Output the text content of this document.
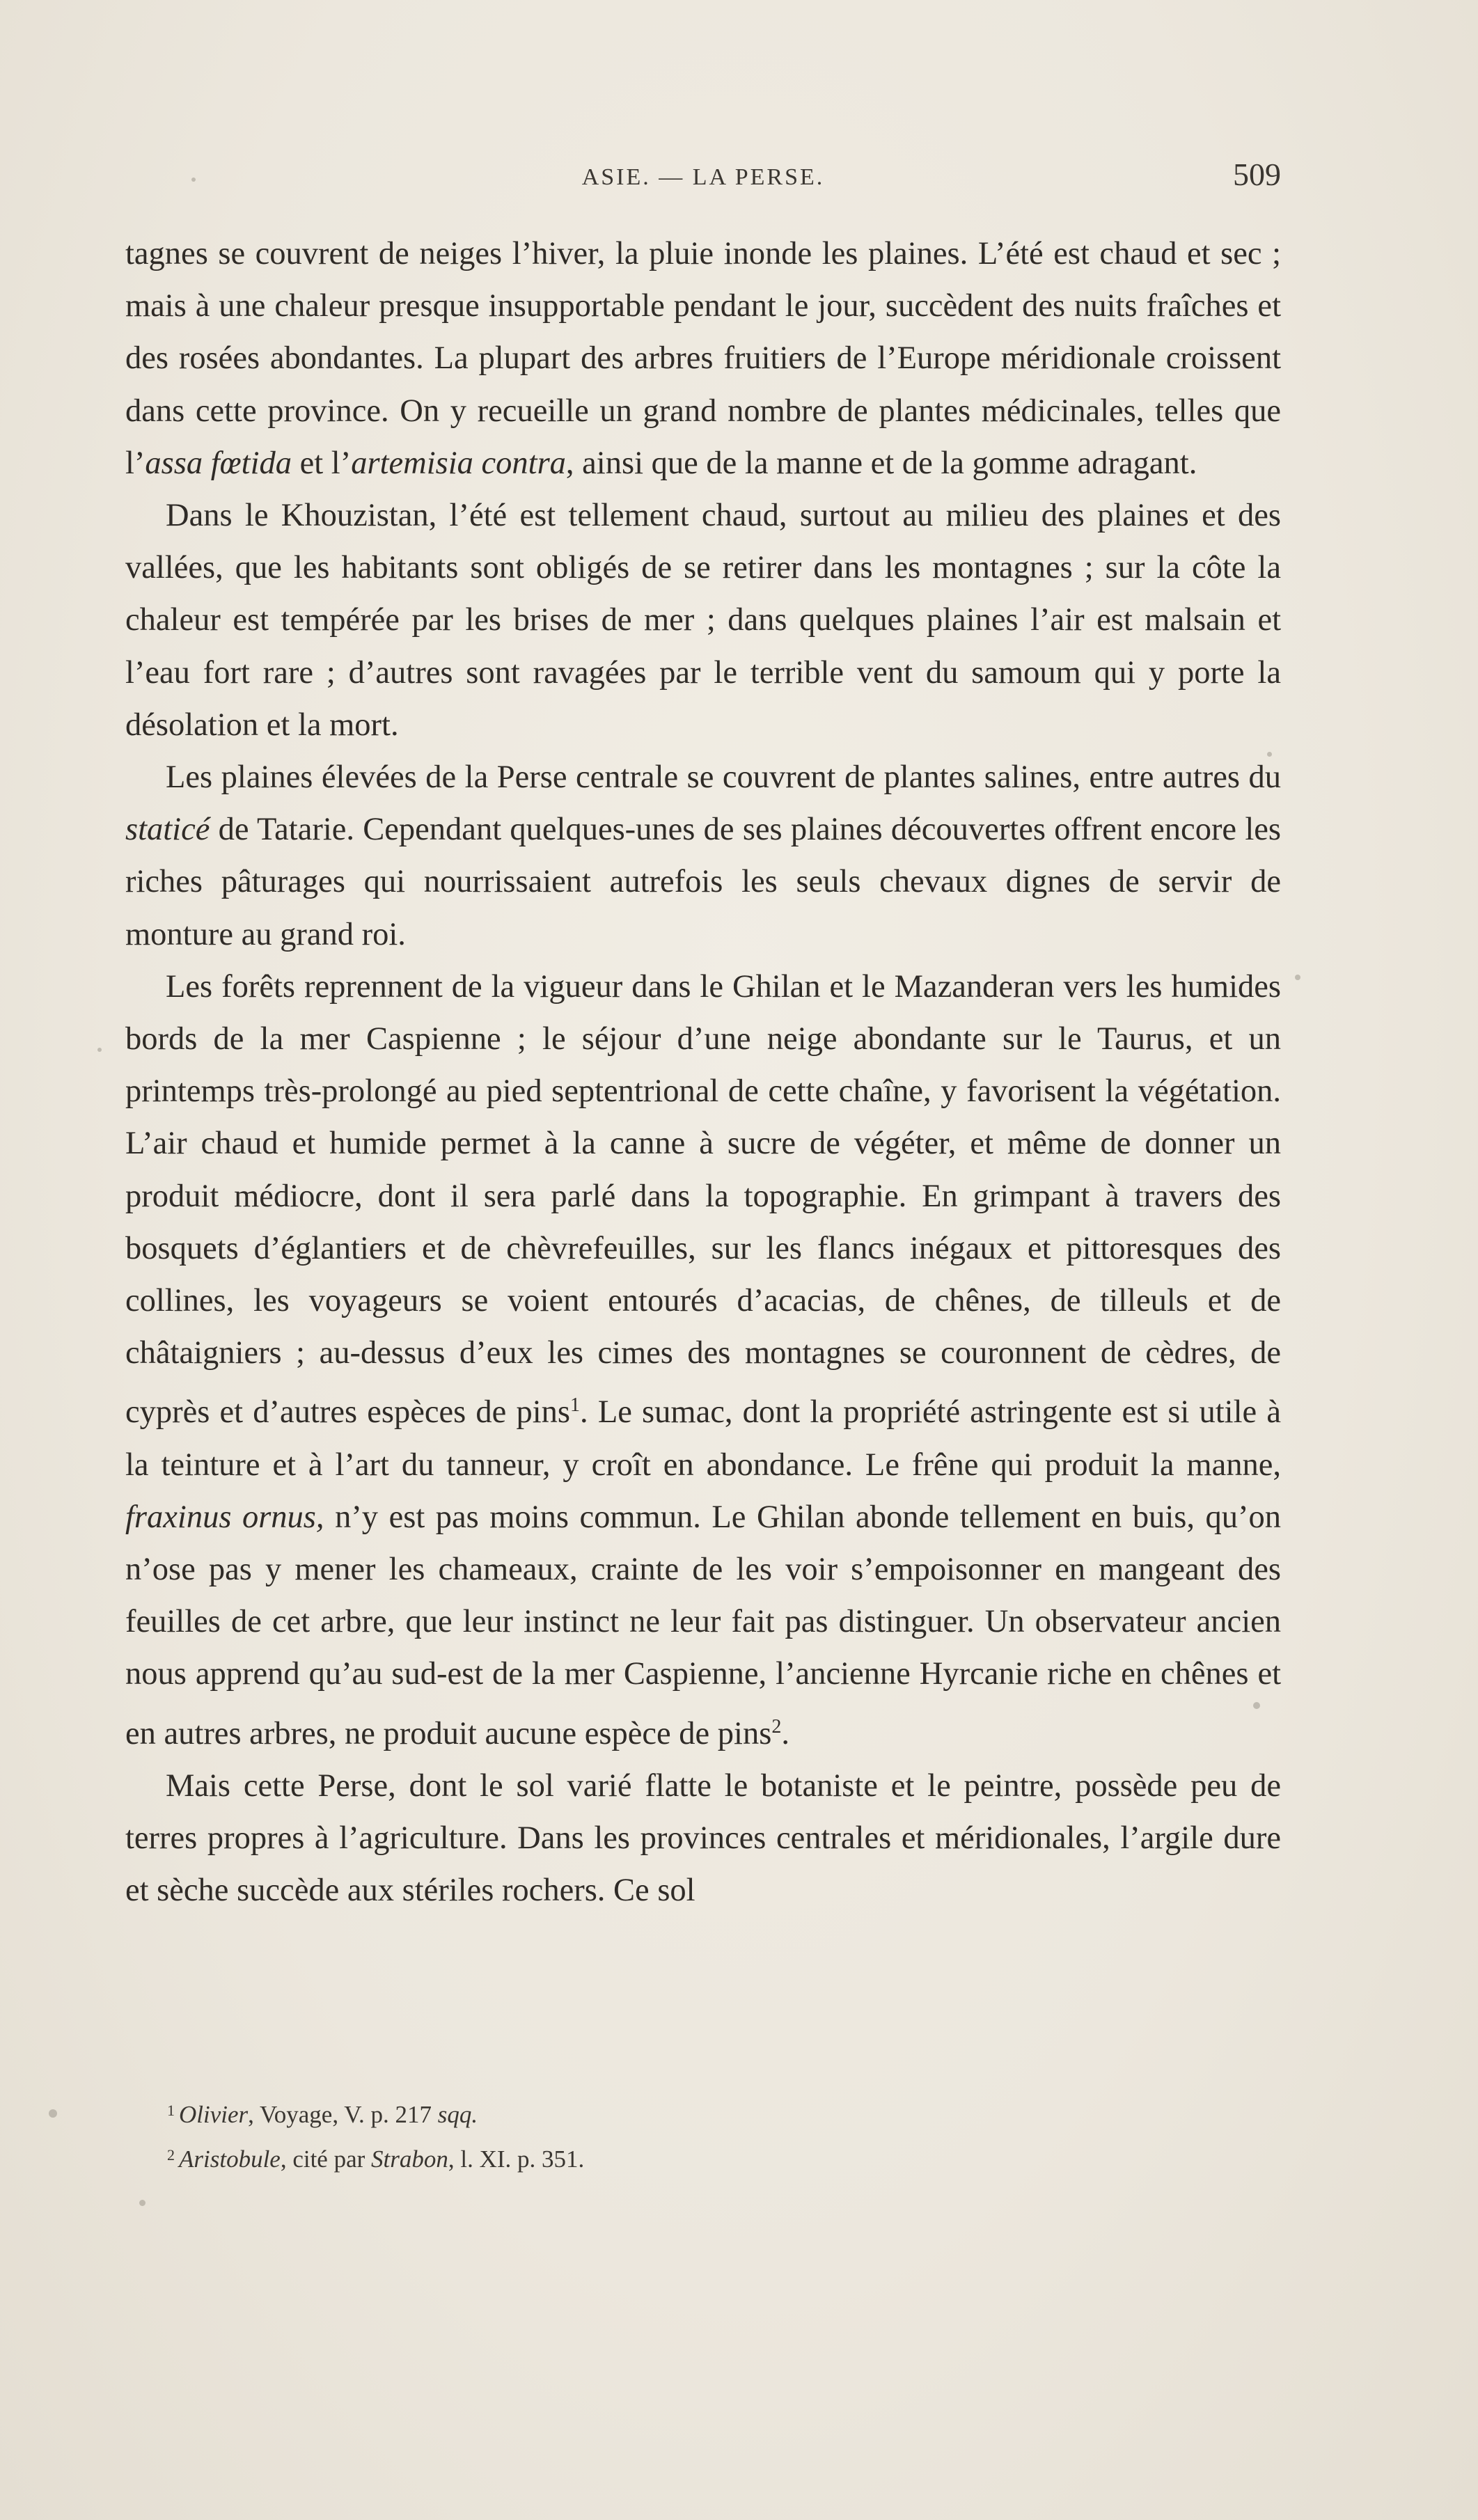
ASIE. — LA PERSE.	509

tagnes se couvrent de neiges l’hiver, la pluie inonde les plaines. L’été est chaud et sec ; mais à une chaleur presque insupportable pendant le jour, succèdent des nuits fraîches et des rosées abondantes. La plupart des arbres fruitiers de l’Europe méridionale croissent dans cette province. On y recueille un grand nombre de plantes médicinales, telles que l’assa fœtida et l’artemisia contra, ainsi que de la manne et de la gomme adragant.

Dans le Khouzistan, l’été est tellement chaud, surtout au milieu des plaines et des vallées, que les habitants sont obligés de se retirer dans les montagnes ; sur la côte la chaleur est tempérée par les brises de mer ; dans quelques plaines l’air est malsain et l’eau fort rare ; d’autres sont ravagées par le terrible vent du samoum qui y porte la désolation et la mort.

Les plaines élevées de la Perse centrale se couvrent de plantes salines, entre autres du staticé de Tatarie. Cependant quelques-unes de ses plaines découvertes offrent encore les riches pâturages qui nourrissaient autrefois les seuls chevaux dignes de servir de monture au grand roi.

Les forêts reprennent de la vigueur dans le Ghilan et le Mazanderan vers les humides bords de la mer Caspienne ; le séjour d’une neige abondante sur le Taurus, et un printemps très-prolongé au pied septentrional de cette chaîne, y favorisent la végétation. L’air chaud et humide permet à la canne à sucre de végéter, et même de donner un produit médiocre, dont il sera parlé dans la topographie. En grimpant à travers des bosquets d’églantiers et de chèvrefeuilles, sur les flancs inégaux et pittoresques des collines, les voyageurs se voient entourés d’acacias, de chênes, de tilleuls et de châtaigniers ; au-dessus d’eux les cimes des montagnes se couronnent de cèdres, de cyprès et d’autres espèces de pins$^1$. Le sumac, dont la propriété astringente est si utile à la teinture et à l’art du tanneur, y croît en abondance. Le frêne qui produit la manne, fraxinus ornus, n’y est pas moins commun. Le Ghilan abonde tellement en buis, qu’on n’ose pas y mener les chameaux, crainte de les voir s’empoisonner en mangeant des feuilles de cet arbre, que leur instinct ne leur fait pas distinguer. Un observateur ancien nous apprend qu’au sud-est de la mer Caspienne, l’ancienne Hyrcanie riche en chênes et en autres arbres, ne produit aucune espèce de pins$^2$.

Mais cette Perse, dont le sol varié flatte le botaniste et le peintre, possède peu de terres propres à l’agriculture. Dans les provinces centrales et méridionales, l’argile dure et sèche succède aux stériles rochers. Ce sol

$^1$ Olivier, Voyage, V. p. 217 sqq.
$^2$ Aristobule, cité par Strabon, l. XI. p. 351.
